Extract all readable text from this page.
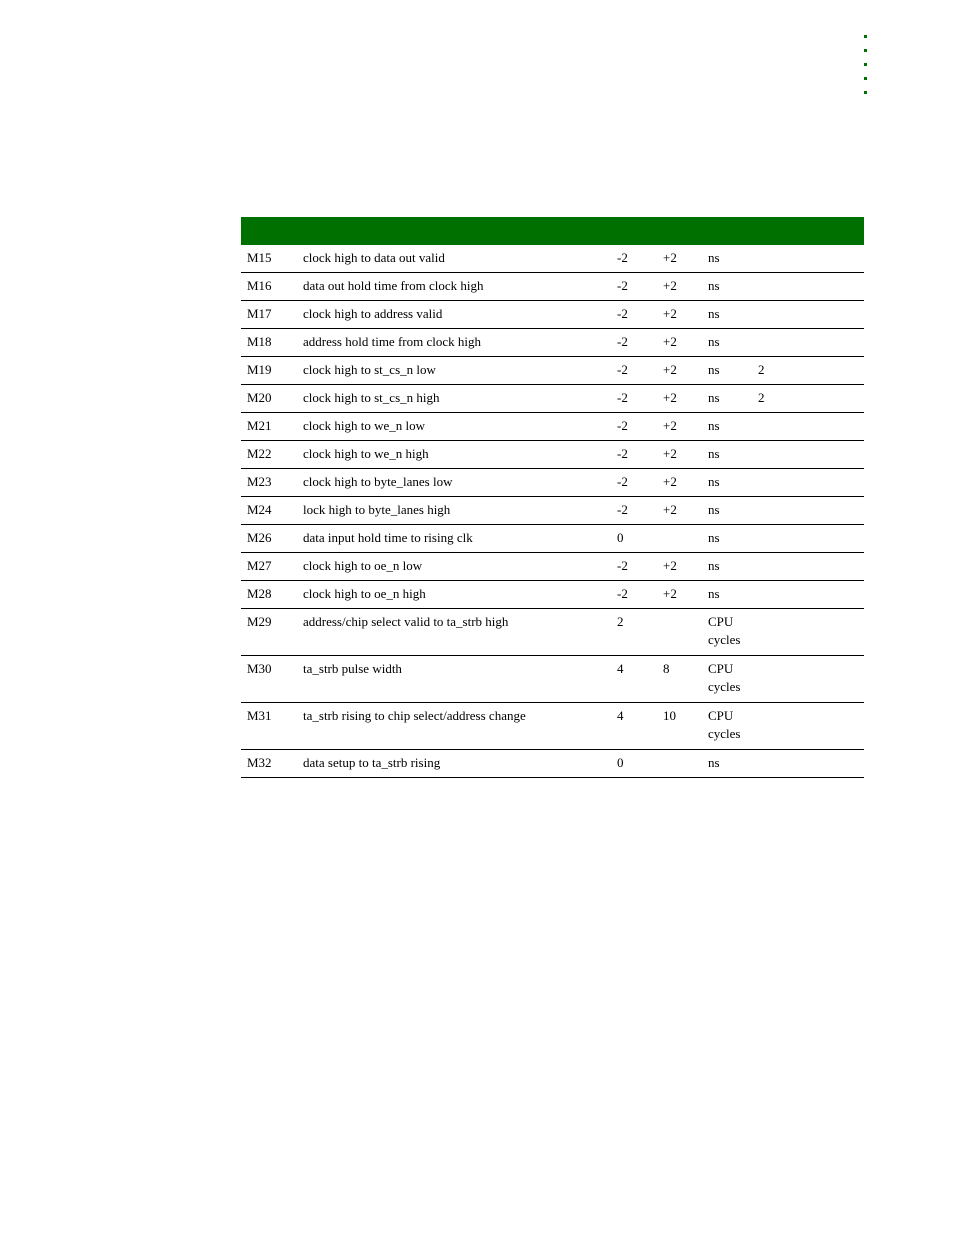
M15	clock high to data out valid	-2	+2	ns	
M16	data out hold time from clock high	-2	+2	ns	
M17	clock high to address valid	-2	+2	ns	
M18	address hold time from clock high	-2	+2	ns	
M19	clock high to st_cs_n low	-2	+2	ns	2
M20	clock high to st_cs_n high	-2	+2	ns	2
M21	clock high to we_n low	-2	+2	ns	
M22	clock high to we_n high	-2	+2	ns	
M23	clock high to byte_lanes low	-2	+2	ns	
M24	lock high to byte_lanes high	-2	+2	ns	
M26	data input hold time to rising clk	0		ns	
M27	clock high to oe_n low	-2	+2	ns	
M28	clock high to oe_n high	-2	+2	ns	
M29	address/chip select valid to ta_strb high	2		CPU
cycles	
M30	ta_strb pulse width	4	8	CPU
cycles	
M31	ta_strb rising to chip select/address change	4	10	CPU
cycles	
M32	data setup to ta_strb rising	0		ns	
